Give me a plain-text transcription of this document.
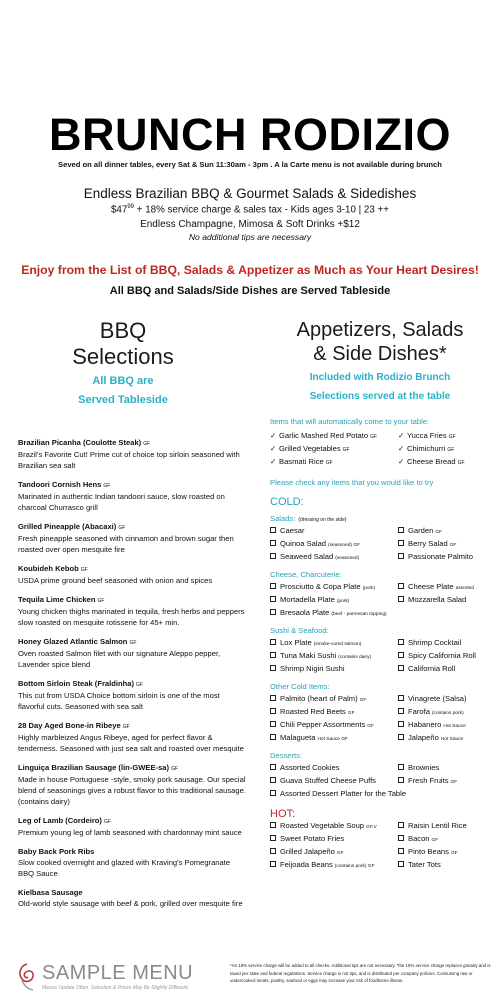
BRUNCH RODIZIO
Seved on all dinner tables, every Sat & Sun 11:30am - 3pm . A la Carte menu is not available during brunch
Endless Brazilian BBQ & Gourmet Salads & Sidedishes
$\$47^{99} + 18\%$ service charge & sales tax - Kids ages 3-10 | 23 ++
Endless Champagne, Mimosa & Soft Drinks +$12
No additional tips are necessary
Enjoy from the List of BBQ, Salads & Appetizer as Much as Your Heart Desires!
All BBQ and Salads/Side Dishes are Served Tableside
BBQ
Selections
All BBQ are
Served Tableside
Brazilian Picanha (Coulotte Steak) GF
Brazil's Favorite Cut! Prime cut of choice top sirloin seasoned with Brazilian sea salt
Tandoori Cornish Hens GF
Marinated in authentic Indian tandoori sauce, slow roasted on charcoal Churrasco grill
Grilled Pineapple (Abacaxi) GF
Fresh pineapple seasoned with cinnamon and brown sugar then roasted over open mesquite fire
Koubideh Kebob GF
USDA prime ground beef seasoned with onion and spices
Tequila Lime Chicken GF
Young chicken thighs marinated in tequila, fresh herbs and peppers slow roasted on mesquite rotisserie for 45+ min.
Honey Glazed Atlantic Salmon GF
Oven roasted Salmon filet with our signature Aleppo pepper, Lavender spice blend
Bottom Sirloin Steak (Fraldinha) GF
This cut from USDA Choice bottom sirloin is one of the most flavorful cuts. Seasoned with sea salt
28 Day Aged Bone-in Ribeye GF
Highly marbleized Angus Ribeye, aged for perfect flavor & tenderness. Seasoned with just sea salt and roasted over mesquite
Linguiça Brazilian Sausage (lin-GWEE-sa) GF
Made in house Portuguese -style, smoky pork sausage. Our special blend of seasonings gives a robust flavor to this traditional sausage. (contains dairy)
Leg of Lamb (Cordeiro) GF
Premium young leg of lamb seasoned with chardonnay mint sauce
Baby Back Pork Ribs
Slow cooked overnight and glazed with Kraving's Pomegranate BBQ Sauce
Kielbasa Sausage
Old-world style sausage with beef & pork, grilled over mesquite fire
Appetizers, Salads
& Side Dishes*
Included with Rodizio Brunch
Selections served at the table
Items that will automatically come to your table:
✓ Garlic Mashed Red Potato GF	✓ Yucca Fries GF
✓ Grilled Vegetables GF	✓ Chimichurri GF
✓ Basmati Rice GF	✓ Cheese Bread GF
Please check any items that you would like to try
COLD:
Salads: (dressing on the side)
Caesar	Garden GF
Quinoa Salad (seasoned) GF	Berry Salad GF
Seaweed Salad (seasoned)	Passionate Palmito
Cheese, Charcuterie:
Prosciutto & Copa Plate (pork)	Cheese Plate assorted
Mortadella Plate (pork)	Mozzarella Salad
Bresaola Plate (beef - parmesan topping)
Sushi & Seafood:
Lox Plate (smoke-cured salmon)	Shrimp Cocktail
Tuna Maki Sushi (contains dairy)	Spicy California Roll
Shrimp Nigiri Sushi	California Roll
Other Cold Items:
Palmito (heart of Palm) GF	Vinagrete (Salsa)
Roasted Red Beets GF	Farofa (contains pork)
Chili Pepper Assortments GF	Habanero Hot Sauce
Malagueta Hot Sauce GF	Jalapeño Hot Sauce
Desserts:
Assorted Cookies	Brownies
Guava Stuffed Cheese Puffs	Fresh Fruits GF
Assorted Dessert Platter for the Table
HOT:
Roasted Vegetable Soup GF,V	Raisin Lentil Rice
Sweet Potato Fries	Bacon GF
Grilled Jalapeño GF	Pinto Beans GF
Feijoada Beans (contains pork) GF	Tater Tots
SAMPLE MENU
Menus Update Often. Selection & Prices May Be Slightly Different.
*An 18% service charge will be added to all checks. Additional tips are not necessary. The 18% service charge replaces gratuity and is taxed per state and federal regulations. Service charge is not tips, and is distributed per company policies. Consuming raw or undercooked meats, poultry, seafood or eggs may increase your risk of foodborne illness.
